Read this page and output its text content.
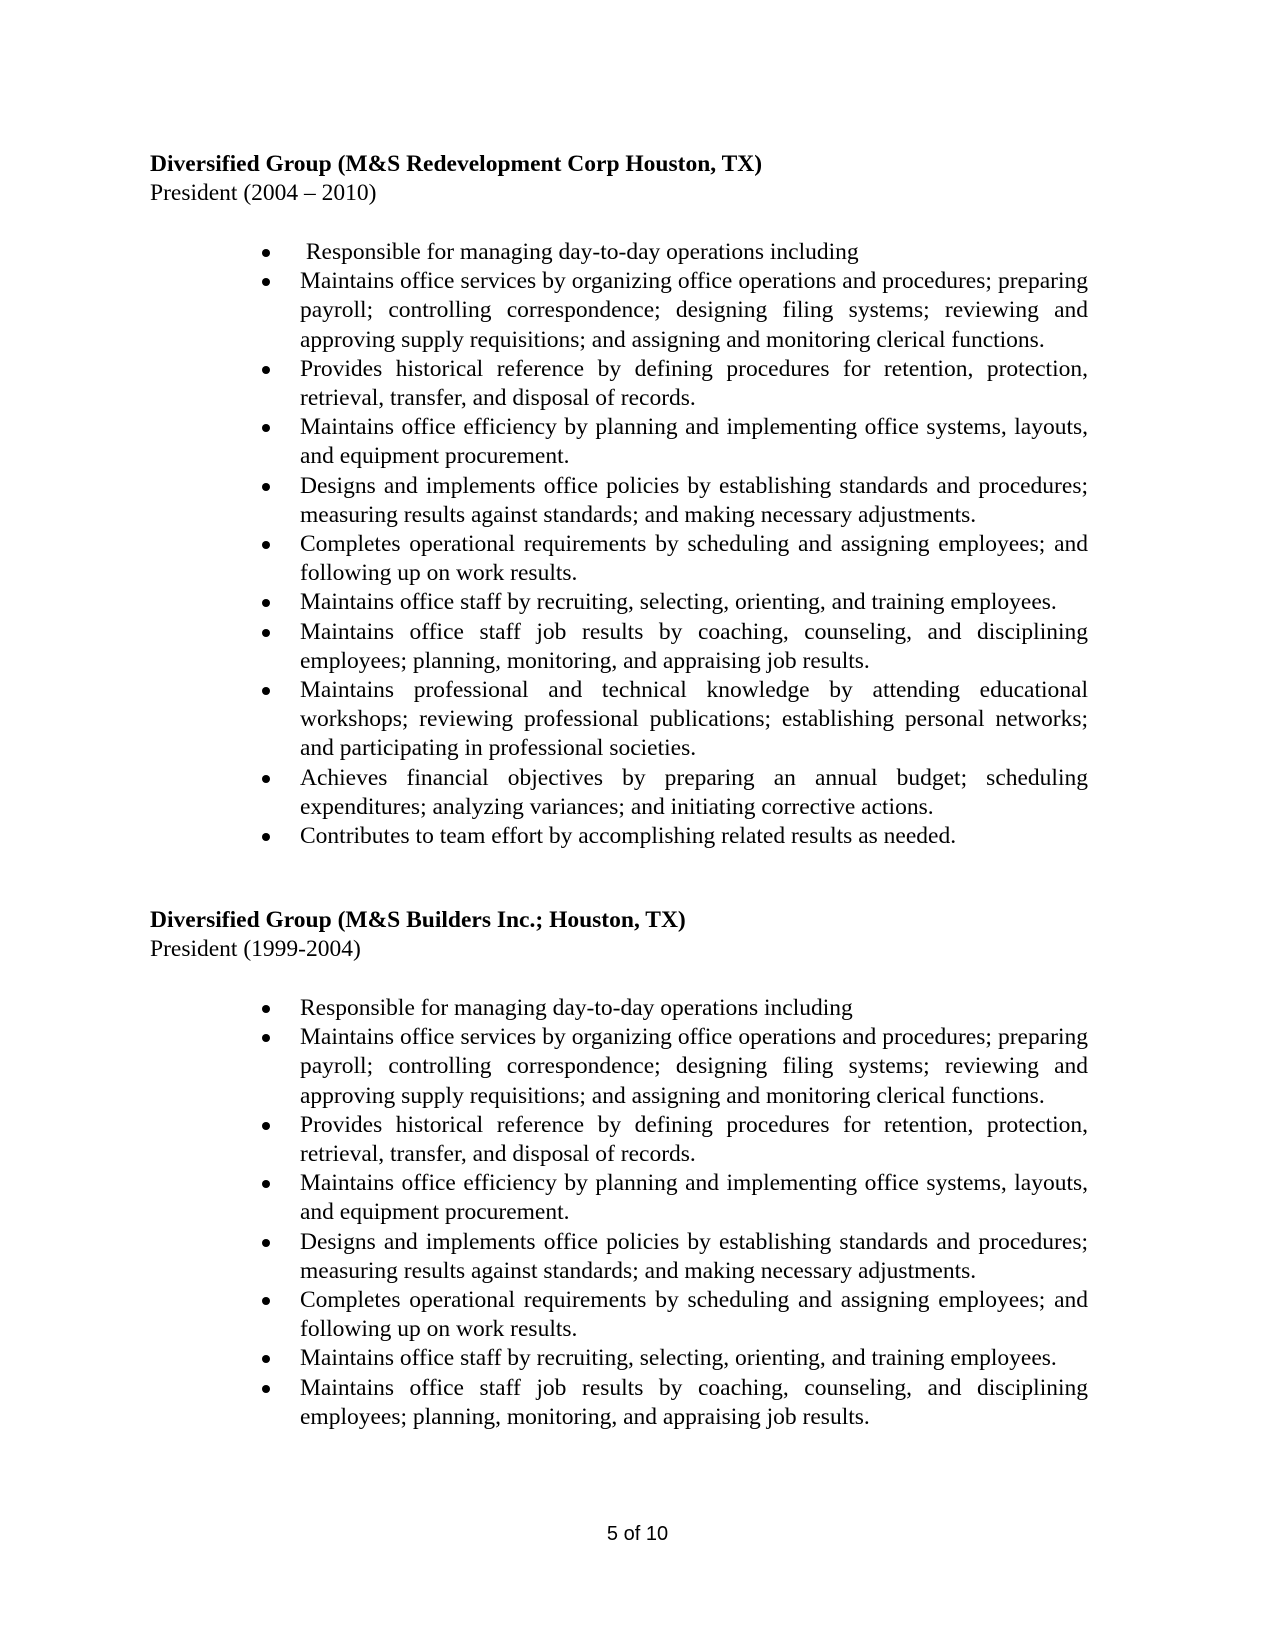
Diversified Group (M&S Redevelopment Corp Houston, TX)

President (2004 – 2010)

Responsible for managing day-to-day operations including
Maintains office services by organizing office operations and procedures; preparing payroll; controlling correspondence; designing filing systems; reviewing and approving supply requisitions; and assigning and monitoring clerical functions.
Provides historical reference by defining procedures for retention, protection, retrieval, transfer, and disposal of records.
Maintains office efficiency by planning and implementing office systems, layouts, and equipment procurement.
Designs and implements office policies by establishing standards and procedures; measuring results against standards; and making necessary adjustments.
Completes operational requirements by scheduling and assigning employees; and following up on work results.
Maintains office staff by recruiting, selecting, orienting, and training employees.
Maintains office staff job results by coaching, counseling, and disciplining employees; planning, monitoring, and appraising job results.
Maintains professional and technical knowledge by attending educational workshops; reviewing professional publications; establishing personal networks; and participating in professional societies.
Achieves financial objectives by preparing an annual budget; scheduling expenditures; analyzing variances; and initiating corrective actions.
Contributes to team effort by accomplishing related results as needed.

Diversified Group (M&S Builders Inc.; Houston, TX)

President (1999-2004)

Responsible for managing day-to-day operations including
Maintains office services by organizing office operations and procedures; preparing payroll; controlling correspondence; designing filing systems; reviewing and approving supply requisitions; and assigning and monitoring clerical functions.
Provides historical reference by defining procedures for retention, protection, retrieval, transfer, and disposal of records.
Maintains office efficiency by planning and implementing office systems, layouts, and equipment procurement.
Designs and implements office policies by establishing standards and procedures; measuring results against standards; and making necessary adjustments.
Completes operational requirements by scheduling and assigning employees; and following up on work results.
Maintains office staff by recruiting, selecting, orienting, and training employees.
Maintains office staff job results by coaching, counseling, and disciplining employees; planning, monitoring, and appraising job results.
5 of 10
